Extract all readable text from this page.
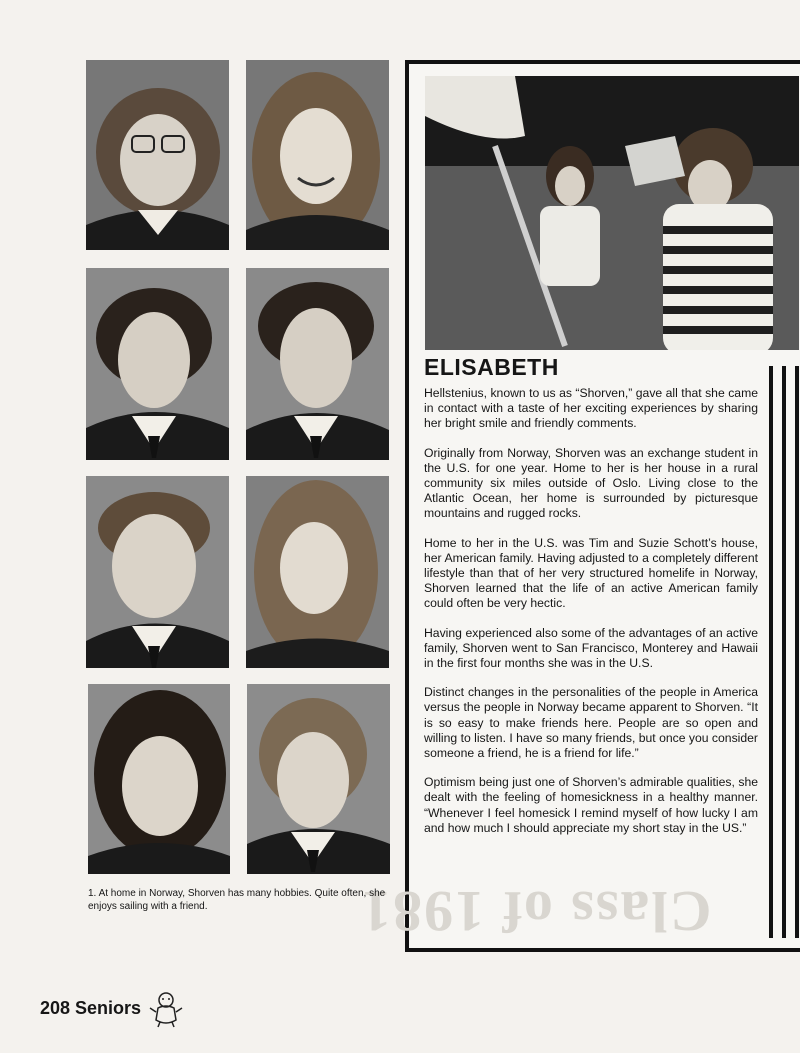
ELISABETH

Hellstenius, known to us as “Shorven,” gave all that she came in contact with a taste of her exciting experiences by sharing her bright smile and friendly comments.

Originally from Norway, Shorven was an exchange student in the U.S. for one year. Home to her is her house in a rural community six miles outside of Oslo. Living close to the Atlantic Ocean, her home is surrounded by picturesque mountains and rugged rocks.

Home to her in the U.S. was Tim and Suzie Schott’s house, her American family. Having adjusted to a completely different lifestyle than that of her very structured homelife in Norway, Shorven learned that the life of an active American family could often be very hectic.

Having experienced also some of the advantages of an active family, Shorven went to San Francisco, Monterey and Hawaii in the first four months she was in the U.S.

Distinct changes in the personalities of the people in America versus the people in Norway became apparent to Shorven. “It is so easy to make friends here. People are so open and willing to listen. I have so many friends, but once you consider someone a friend, he is a friend for life.”

Optimism being just one of Shorven’s admirable qualities, she dealt with the feeling of homesickness in a healthy manner. “Whenever I feel homesick I remind myself of how lucky I am and how much I should appreciate my short stay in the US.”

Class of 1981
1. At home in Norway, Shorven has many hobbies. Quite often, she enjoys sailing with a friend.
208 Seniors
